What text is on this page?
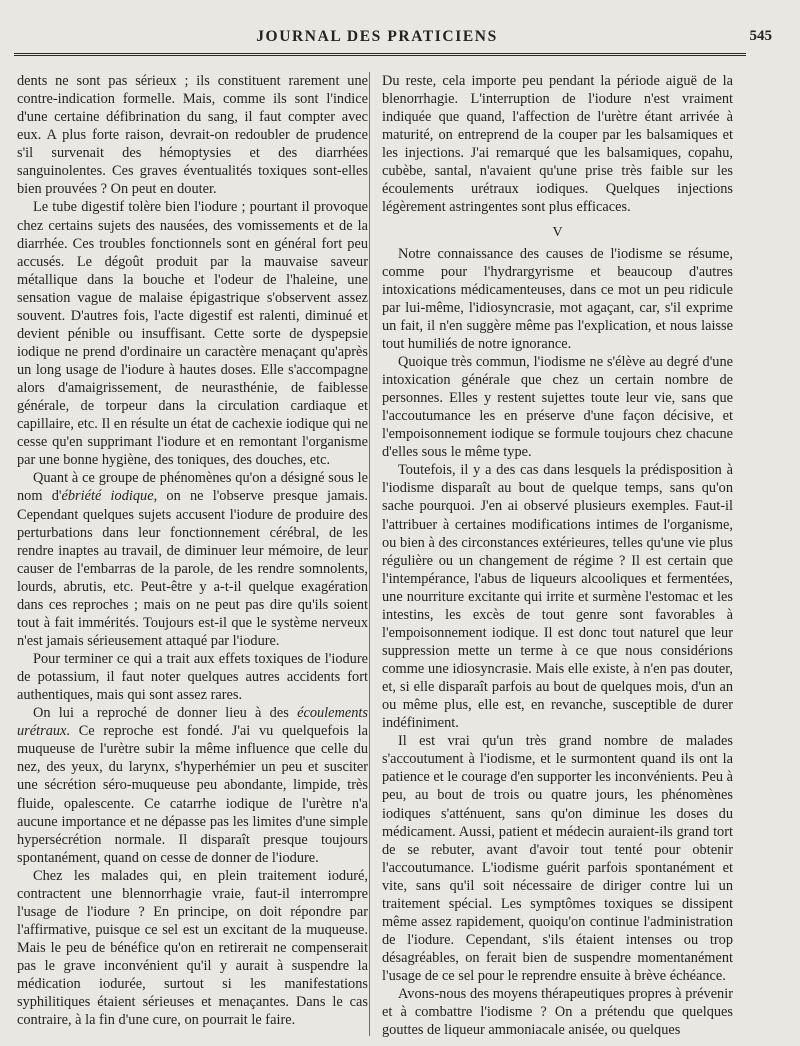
JOURNAL DES PRATICIENS	545

dents ne sont pas sérieux ; ils constituent rarement une contre-indication formelle. Mais, comme ils sont l'indice d'une certaine défibrination du sang, il faut compter avec eux. A plus forte raison, devrait-on redoubler de prudence s'il survenait des hémoptysies et des diarrhées sanguinolentes. Ces graves éventualités toxiques sont-elles bien prouvées ? On peut en douter.

Le tube digestif tolère bien l'iodure ; pourtant il provoque chez certains sujets des nausées, des vomissements et de la diarrhée. Ces troubles fonctionnels sont en général fort peu accusés. Le dégoût produit par la mauvaise saveur métallique dans la bouche et l'odeur de l'haleine, une sensation vague de malaise épigastrique s'observent assez souvent. D'autres fois, l'acte digestif est ralenti, diminué et devient pénible ou insuffisant. Cette sorte de dyspepsie iodique ne prend d'ordinaire un caractère menaçant qu'après un long usage de l'iodure à hautes doses. Elle s'accompagne alors d'amaigrissement, de neurasthénie, de faiblesse générale, de torpeur dans la circulation cardiaque et capillaire, etc. Il en résulte un état de cachexie iodique qui ne cesse qu'en supprimant l'iodure et en remontant l'organisme par une bonne hygiène, des toniques, des douches, etc.

Quant à ce groupe de phénomènes qu'on a désigné sous le nom d'ébriété iodique, on ne l'observe presque jamais. Cependant quelques sujets accusent l'iodure de produire des perturbations dans leur fonctionnement cérébral, de les rendre inaptes au travail, de diminuer leur mémoire, de leur causer de l'embarras de la parole, de les rendre somnolents, lourds, abrutis, etc. Peut-être y a-t-il quelque exagération dans ces reproches ; mais on ne peut pas dire qu'ils soient tout à fait immérités. Toujours est-il que le système nerveux n'est jamais sérieusement attaqué par l'iodure.

Pour terminer ce qui a trait aux effets toxiques de l'iodure de potassium, il faut noter quelques autres accidents fort authentiques, mais qui sont assez rares.

On lui a reproché de donner lieu à des écoulements urétraux. Ce reproche est fondé. J'ai vu quelquefois la muqueuse de l'urètre subir la même influence que celle du nez, des yeux, du larynx, s'hyperhémier un peu et susciter une sécrétion séro-muqueuse peu abondante, limpide, très fluide, opalescente. Ce catarrhe iodique de l'urètre n'a aucune importance et ne dépasse pas les limites d'une simple hypersécrétion normale. Il disparaît presque toujours spontanément, quand on cesse de donner de l'iodure.

Chez les malades qui, en plein traitement ioduré, contractent une blennorrhagie vraie, faut-il interrompre l'usage de l'iodure ? En principe, on doit répondre par l'affirmative, puisque ce sel est un excitant de la muqueuse. Mais le peu de bénéfice qu'on en retirerait ne compenserait pas le grave inconvénient qu'il y aurait à suspendre la médication iodurée, surtout si les manifestations syphilitiques étaient sérieuses et menaçantes. Dans le cas contraire, à la fin d'une cure, on pourrait le faire.

Du reste, cela importe peu pendant la période aiguë de la blenorrhagie. L'interruption de l'iodure n'est vraiment indiquée que quand, l'affection de l'urètre étant arrivée à maturité, on entreprend de la couper par les balsamiques et les injections. J'ai remarqué que les balsamiques, copahu, cubèbe, santal, n'avaient qu'une prise très faible sur les écoulements urétraux iodiques. Quelques injections légèrement astringentes sont plus efficaces.

V

Notre connaissance des causes de l'iodisme se résume, comme pour l'hydrargyrisme et beaucoup d'autres intoxications médicamenteuses, dans ce mot un peu ridicule par lui-même, l'idiosyncrasie, mot agaçant, car, s'il exprime un fait, il n'en suggère même pas l'explication, et nous laisse tout humiliés de notre ignorance.

Quoique très commun, l'iodisme ne s'élève au degré d'une intoxication générale que chez un certain nombre de personnes. Elles y restent sujettes toute leur vie, sans que l'accoutumance les en préserve d'une façon décisive, et l'empoisonnement iodique se formule toujours chez chacune d'elles sous le même type.

Toutefois, il y a des cas dans lesquels la prédisposition à l'iodisme disparaît au bout de quelque temps, sans qu'on sache pourquoi. J'en ai observé plusieurs exemples. Faut-il l'attribuer à certaines modifications intimes de l'organisme, ou bien à des circonstances extérieures, telles qu'une vie plus régulière ou un changement de régime ? Il est certain que l'intempérance, l'abus de liqueurs alcooliques et fermentées, une nourriture excitante qui irrite et surmène l'estomac et les intestins, les excès de tout genre sont favorables à l'empoisonnement iodique. Il est donc tout naturel que leur suppression mette un terme à ce que nous considérions comme une idiosyncrasie. Mais elle existe, à n'en pas douter, et, si elle disparaît parfois au bout de quelques mois, d'un an ou même plus, elle est, en revanche, susceptible de durer indéfiniment.

Il est vrai qu'un très grand nombre de malades s'accoutument à l'iodisme, et le surmontent quand ils ont la patience et le courage d'en supporter les inconvénients. Peu à peu, au bout de trois ou quatre jours, les phénomènes iodiques s'atténuent, sans qu'on diminue les doses du médicament. Aussi, patient et médecin auraient-ils grand tort de se rebuter, avant d'avoir tout tenté pour obtenir l'accoutumance. L'iodisme guérit parfois spontanément et vite, sans qu'il soit nécessaire de diriger contre lui un traitement spécial. Les symptômes toxiques se dissipent même assez rapidement, quoiqu'on continue l'administration de l'iodure. Cependant, s'ils étaient intenses ou trop désagréables, on ferait bien de suspendre momentanément l'usage de ce sel pour le reprendre ensuite à brève échéance.

Avons-nous des moyens thérapeutiques propres à prévenir et à combattre l'iodisme ? On a prétendu que quelques gouttes de liqueur ammoniacale anisée, ou quelques
